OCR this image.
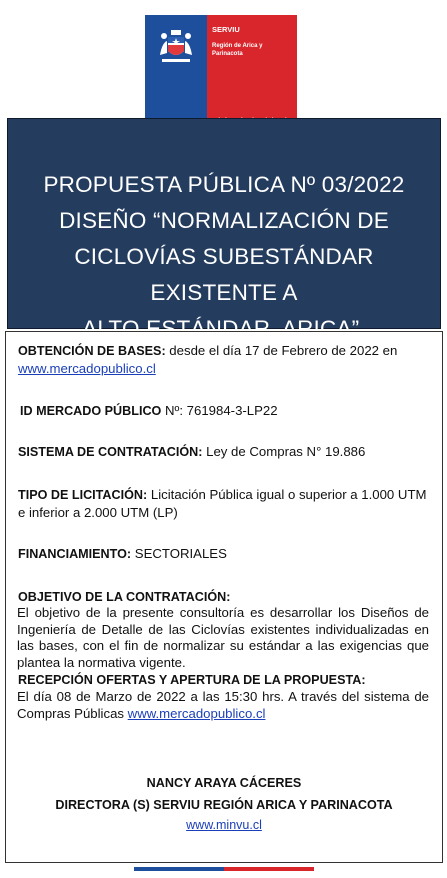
SERVIU
Región de Arica y Parinacota
PROPUESTA PÚBLICA Nº 03/2022
DISEÑO “NORMALIZACIÓN DE
CICLOVÍAS SUBESTÁNDAR EXISTENTE A
ALTO ESTÁNDAR, ARICA”.
OBTENCIÓN DE BASES: desde el día 17 de Febrero de 2022 en www.mercadopublico.cl
ID MERCADO PÚBLICO Nº: 761984-3-LP22
SISTEMA DE CONTRATACIÓN: Ley de Compras N° 19.886
TIPO DE LICITACIÓN: Licitación Pública igual o superior a 1.000 UTM e inferior a 2.000 UTM (LP)
FINANCIAMIENTO: SECTORIALES
OBJETIVO DE LA CONTRATACIÓN:
El objetivo de la presente consultoría es desarrollar los Diseños de Ingeniería de Detalle de las Ciclovías existentes individualizadas en las bases, con el fin de normalizar su estándar a las exigencias que plantea la normativa vigente.
RECEPCIÓN OFERTAS Y APERTURA DE LA PROPUESTA:
El día 08 de Marzo de 2022 a las 15:30 hrs. A través del sistema de Compras Públicas www.mercadopublico.cl
NANCY ARAYA CÁCERES
DIRECTORA (S) SERVIU REGIÓN ARICA Y PARINACOTA
www.minvu.cl
